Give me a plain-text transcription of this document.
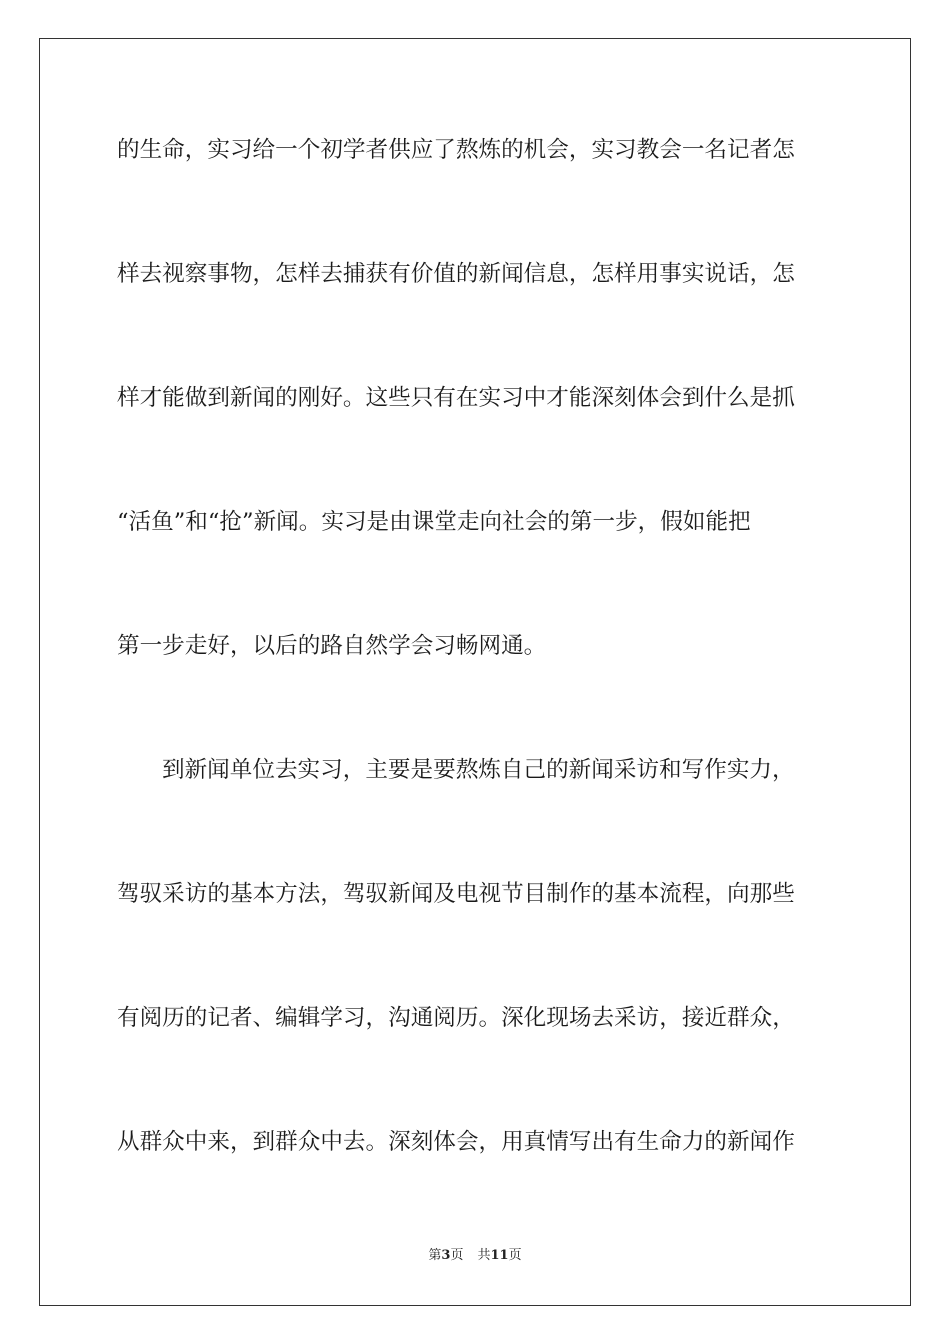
的生命，实习给一个初学者供应了熬炼的机会，实习教会一名记者怎
样去视察事物，怎样去捕获有价值的新闻信息，怎样用事实说话，怎
样才能做到新闻的刚好。这些只有在实习中才能深刻体会到什么是抓
“活鱼”和“抢”新闻。实习是由课堂走向社会的第一步，假如能把
第一步走好，以后的路自然学会习畅网通。
到新闻单位去实习，主要是要熬炼自己的新闻采访和写作实力，
驾驭采访的基本方法，驾驭新闻及电视节目制作的基本流程，向那些
有阅历的记者、编辑学习，沟通阅历。深化现场去采访，接近群众，
从群众中来，到群众中去。深刻体会，用真情写出有生命力的新闻作
第3页 共11页
